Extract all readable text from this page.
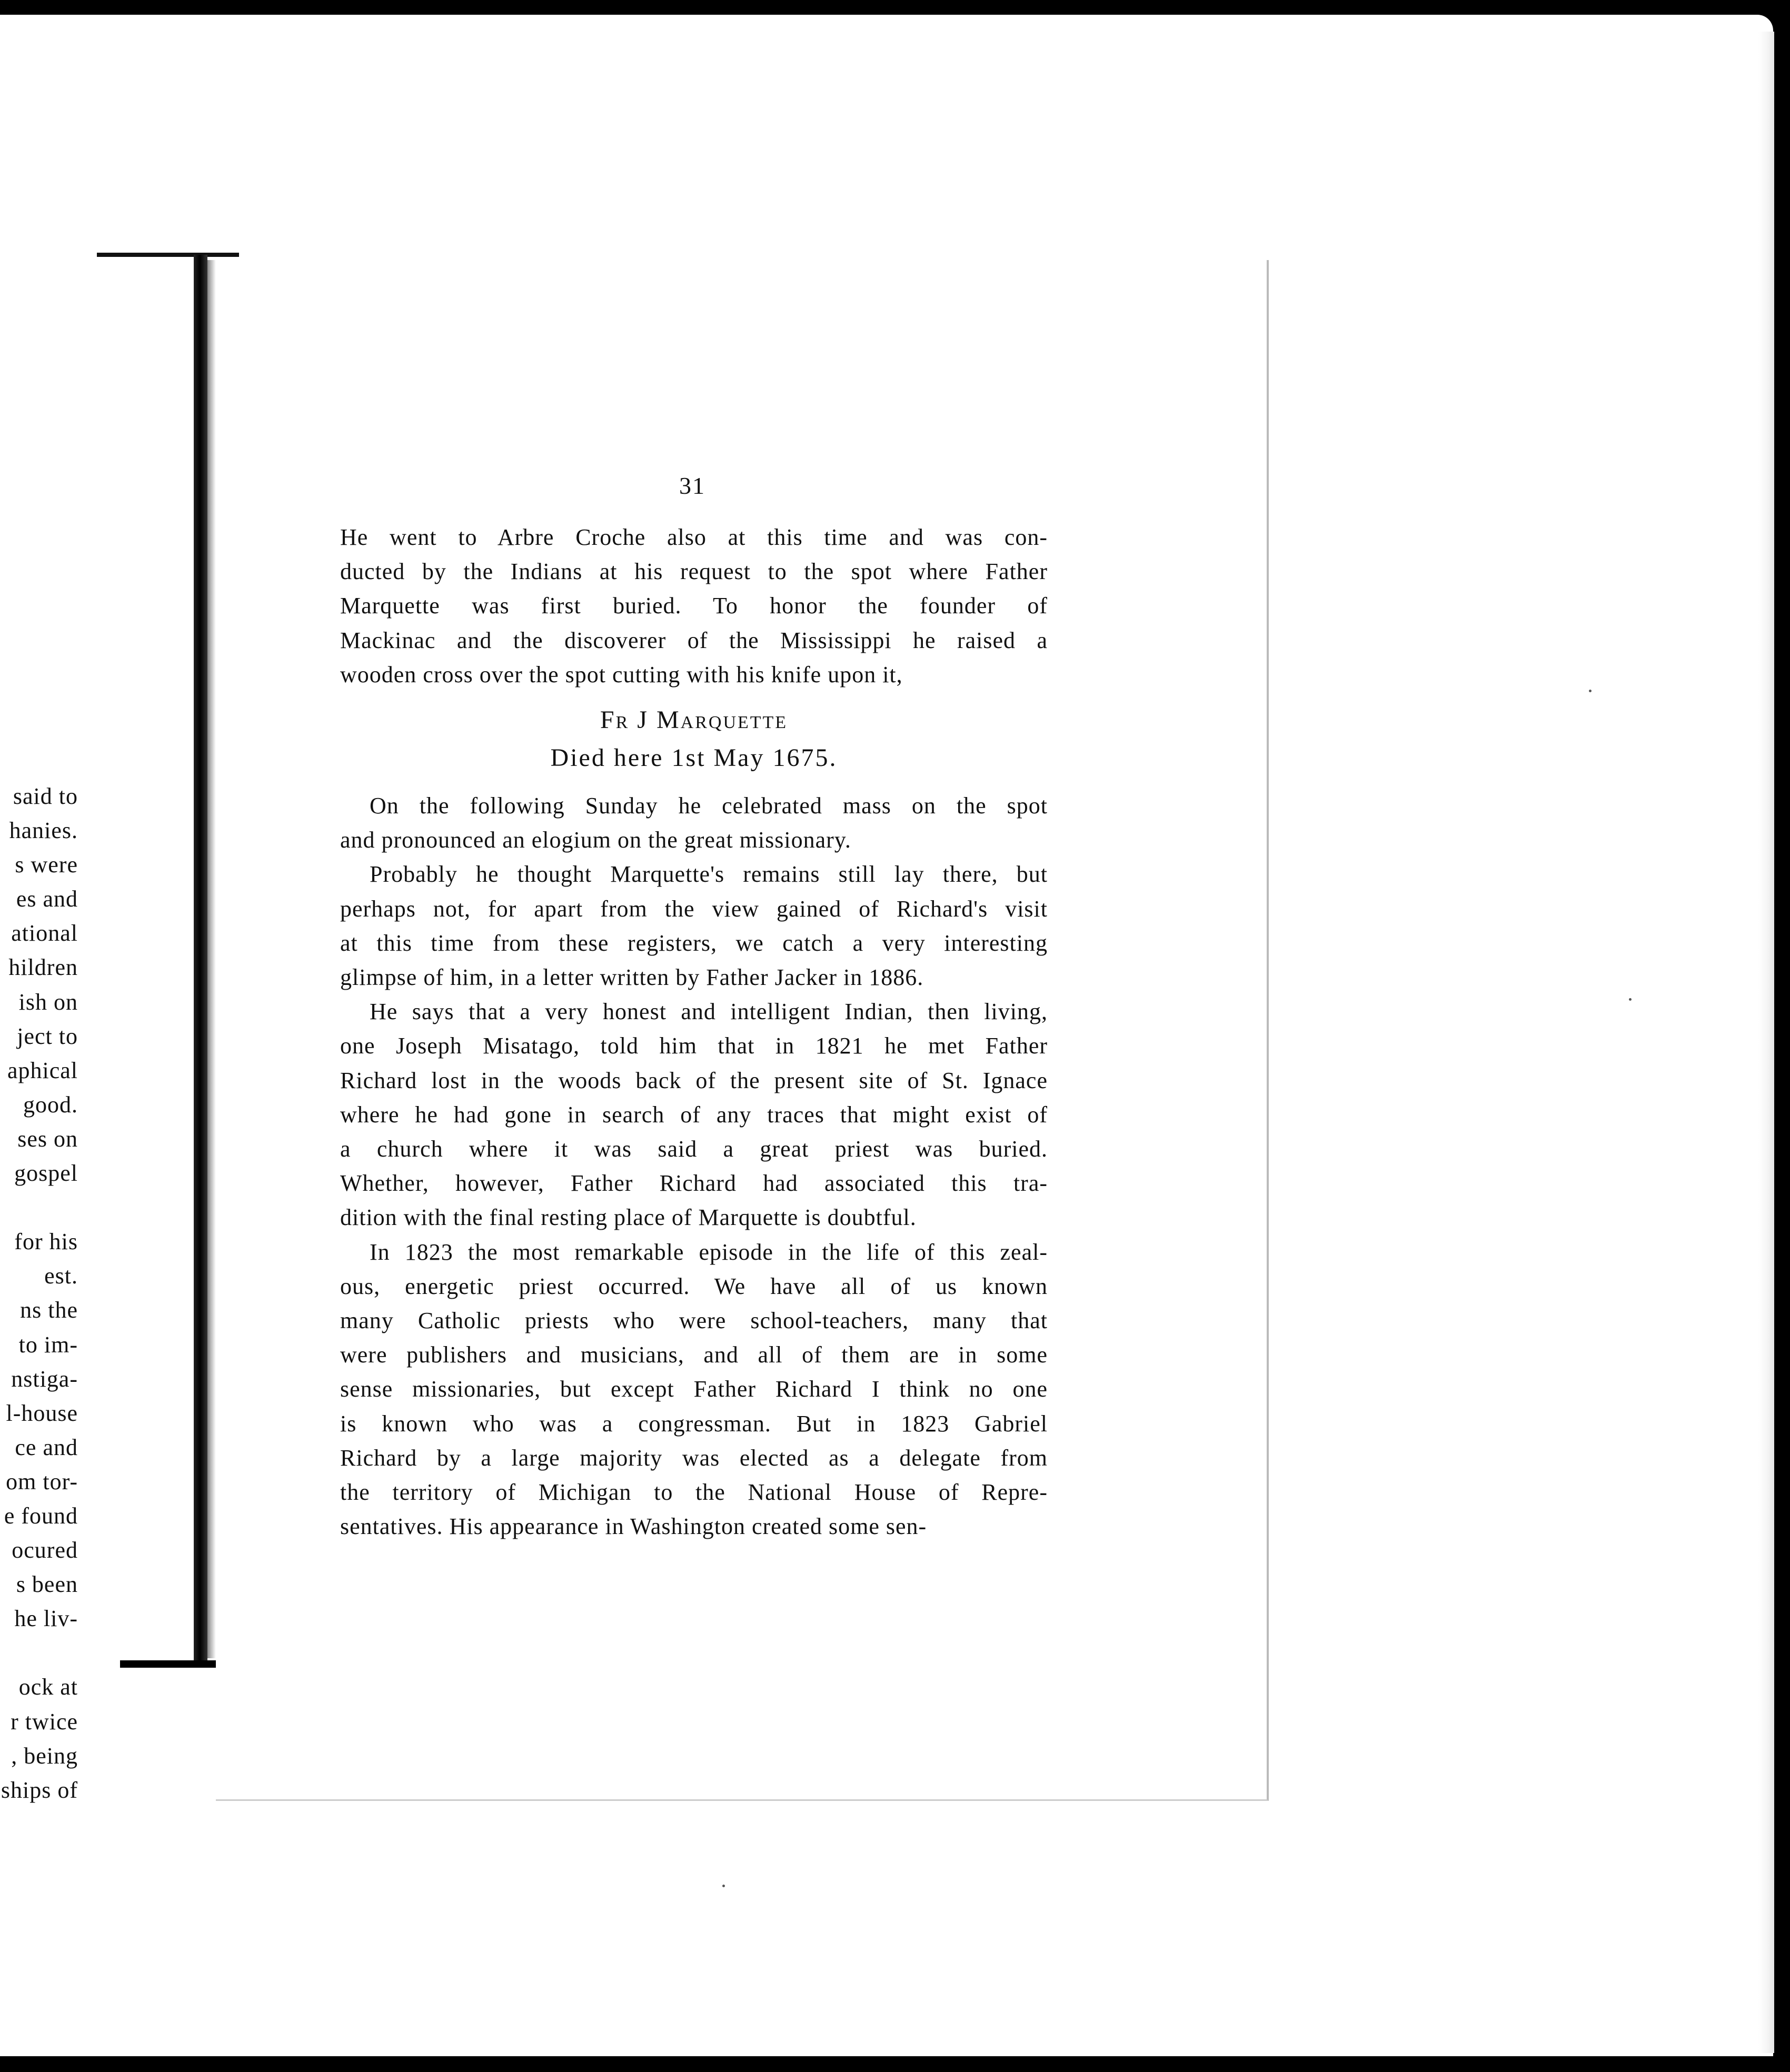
said to
hanies.
s were
es and
ational
hildren
ish on
ject to
aphical
good.
ses on
gospel

for his
est.
ns the
to im-
nstiga-
l-house
ce and
om tor-
e found
ocured
s been
he liv-

ock at
r twice
, being
ships of
31
He went to Arbre Croche also at this time and was con-
ducted by the Indians at his request to the spot where Father
Marquette was first buried. To honor the founder of
Mackinac and the discoverer of the Mississippi he raised a
wooden cross over the spot cutting with his knife upon it,
Fr J Marquette
Died here 1st May 1675.
On the following Sunday he celebrated mass on the spot
and pronounced an elogium on the great missionary.
Probably he thought Marquette's remains still lay there, but
perhaps not, for apart from the view gained of Richard's visit
at this time from these registers, we catch a very interesting
glimpse of him, in a letter written by Father Jacker in 1886.
He says that a very honest and intelligent Indian, then living,
one Joseph Misatago, told him that in 1821 he met Father
Richard lost in the woods back of the present site of St. Ignace
where he had gone in search of any traces that might exist of
a church where it was said a great priest was buried.
Whether, however, Father Richard had associated this tra-
dition with the final resting place of Marquette is doubtful.
In 1823 the most remarkable episode in the life of this zeal-
ous, energetic priest occurred. We have all of us known
many Catholic priests who were school-teachers, many that
were publishers and musicians, and all of them are in some
sense missionaries, but except Father Richard I think no one
is known who was a congressman. But in 1823 Gabriel
Richard by a large majority was elected as a delegate from
the territory of Michigan to the National House of Repre-
sentatives. His appearance in Washington created some sen-
